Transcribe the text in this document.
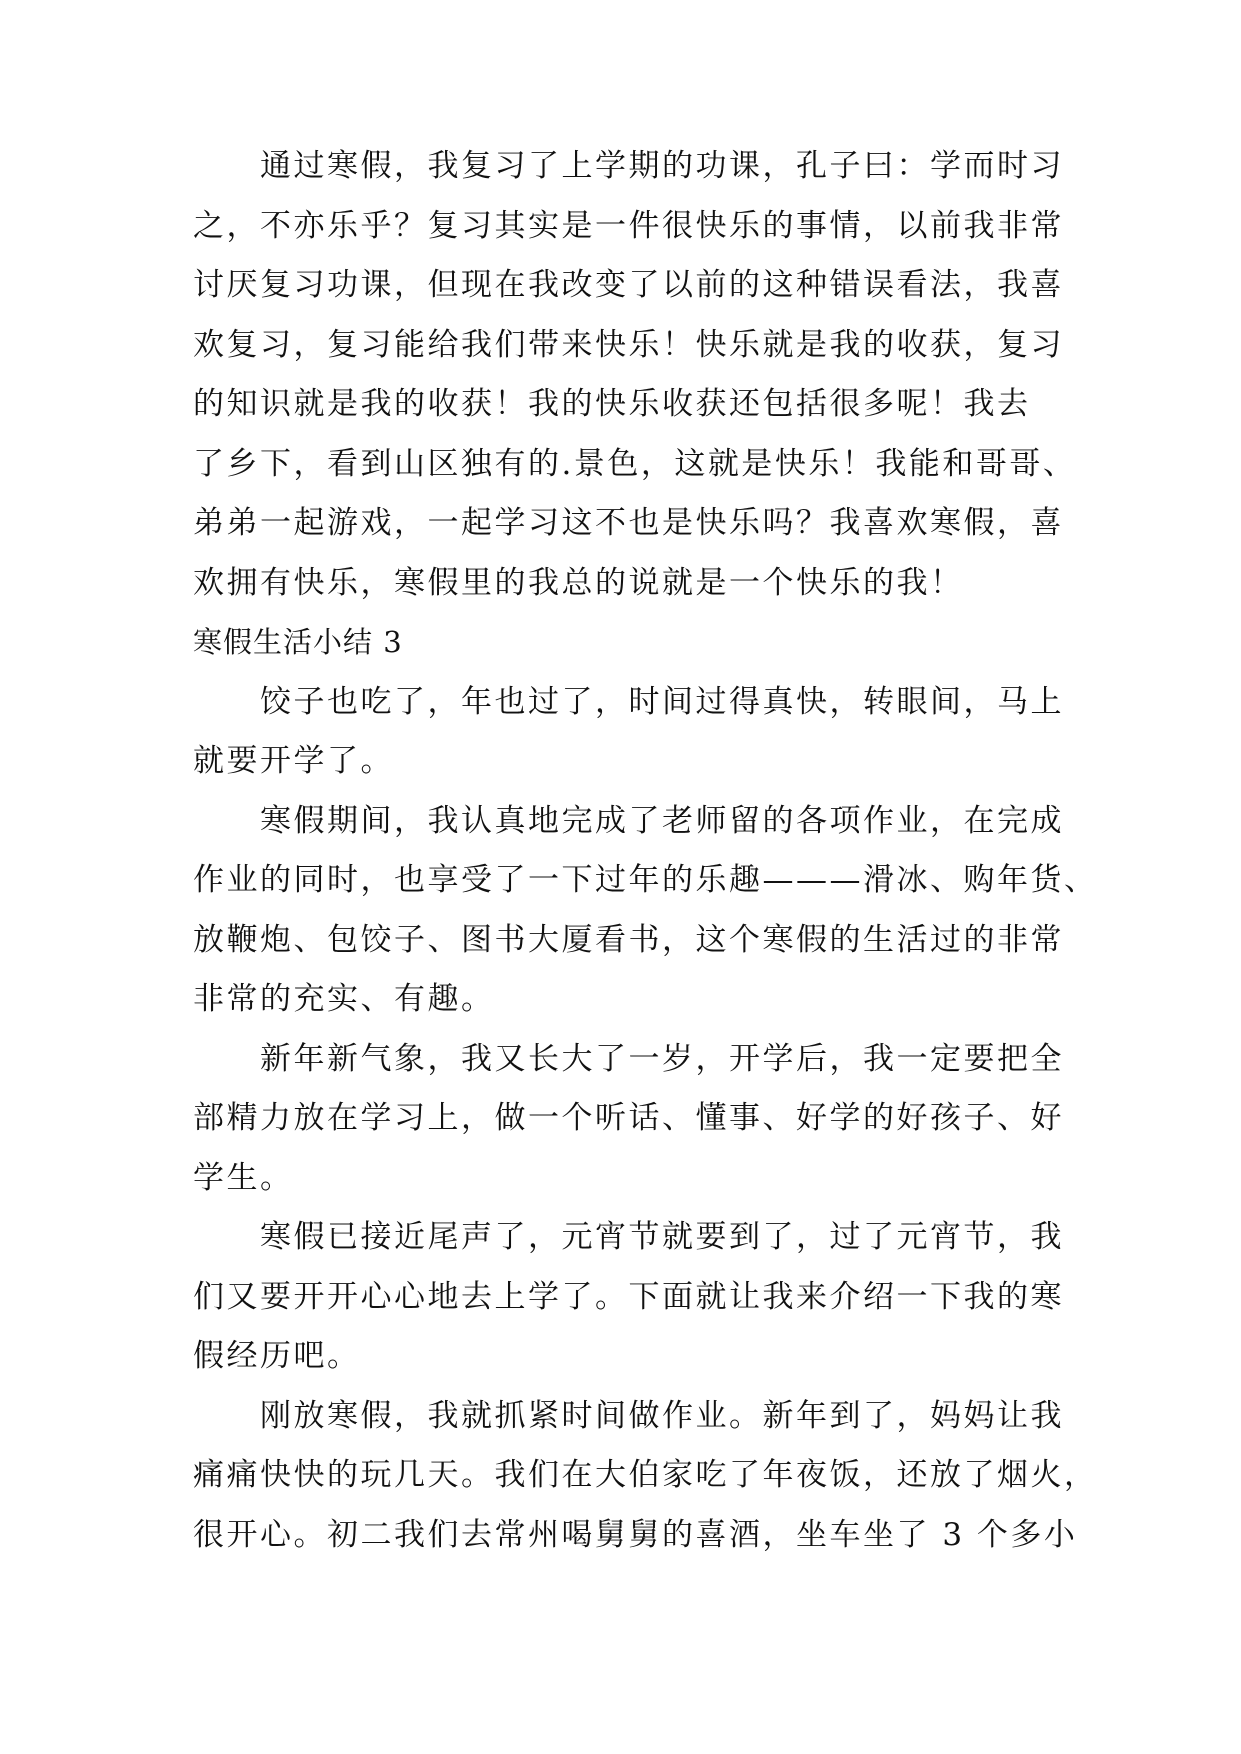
　　通过寒假，我复习了上学期的功课，孔子曰：学而时习
之，不亦乐乎？复习其实是一件很快乐的事情，以前我非常
讨厌复习功课，但现在我改变了以前的这种错误看法，我喜
欢复习，复习能给我们带来快乐！快乐就是我的收获，复习
的知识就是我的收获！我的快乐收获还包括很多呢！我去
了乡下，看到山区独有的.景色，这就是快乐！我能和哥哥、
弟弟一起游戏，一起学习这不也是快乐吗？我喜欢寒假，喜
欢拥有快乐，寒假里的我总的说就是一个快乐的我！
寒假生活小结 3
　　饺子也吃了，年也过了，时间过得真快，转眼间，马上
就要开学了。
　　寒假期间，我认真地完成了老师留的各项作业，在完成
作业的同时，也享受了一下过年的乐趣———滑冰、购年货、
放鞭炮、包饺子、图书大厦看书，这个寒假的生活过的非常
非常的充实、有趣。
　　新年新气象，我又长大了一岁，开学后，我一定要把全
部精力放在学习上，做一个听话、懂事、好学的好孩子、好
学生。
　　寒假已接近尾声了，元宵节就要到了，过了元宵节，我
们又要开开心心地去上学了。下面就让我来介绍一下我的寒
假经历吧。
　　刚放寒假，我就抓紧时间做作业。新年到了，妈妈让我
痛痛快快的玩几天。我们在大伯家吃了年夜饭，还放了烟火，
很开心。初二我们去常州喝舅舅的喜酒，坐车坐了 3 个多小
